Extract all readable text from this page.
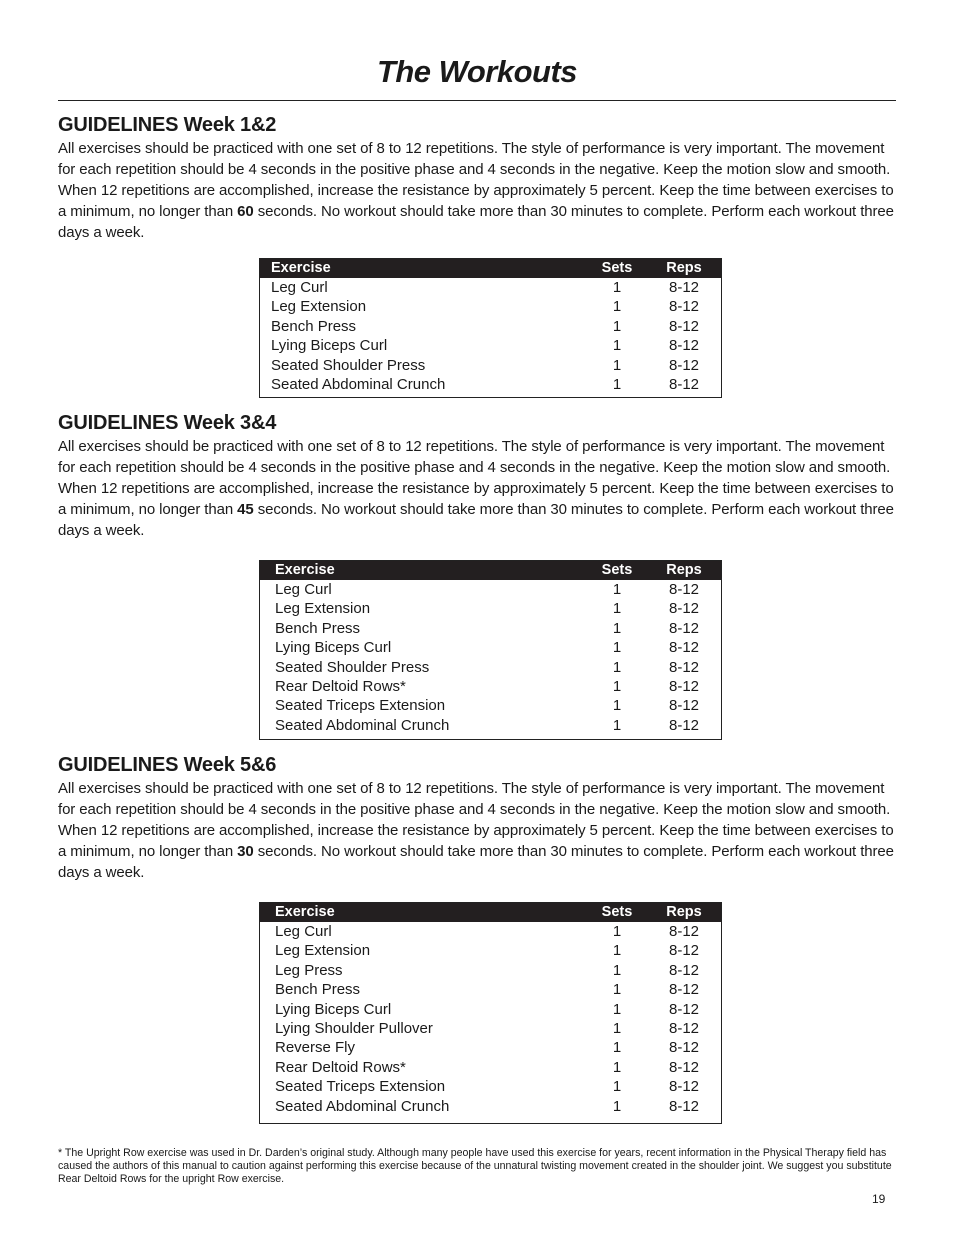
The Workouts
GUIDELINES Week 1&2

All exercises should be practiced with one set of 8 to 12 repetitions. The style of performance is very important. The movement for each repetition should be 4 seconds in the positive phase and 4 seconds in the negative. Keep the motion slow and smooth. When 12 repetitions are accomplished, increase the resistance by approximately 5 percent. Keep the time between exercises to a minimum, no longer than 60 seconds. No workout should take more than 30 minutes to complete. Perform each workout three days a week.

Exercise	Sets	Reps
Leg Curl	1	8-12
Leg Extension	1	8-12
Bench Press	1	8-12
Lying Biceps Curl	1	8-12
Seated Shoulder Press	1	8-12
Seated Abdominal Crunch	1	8-12
GUIDELINES Week 3&4

All exercises should be practiced with one set of 8 to 12 repetitions. The style of performance is very important. The movement for each repetition should be 4 seconds in the positive phase and 4 seconds in the negative. Keep the motion slow and smooth. When 12 repetitions are accomplished, increase the resistance by approximately 5 percent. Keep the time between exercises to a minimum, no longer than 45 seconds. No workout should take more than 30 minutes to complete. Perform each workout three days a week.

Exercise	Sets	Reps
Leg Curl	1	8-12
Leg Extension	1	8-12
Bench Press	1	8-12
Lying Biceps Curl	1	8-12
Seated Shoulder Press	1	8-12
Rear Deltoid Rows*	1	8-12
Seated Triceps Extension	1	8-12
Seated Abdominal Crunch	1	8-12
GUIDELINES Week 5&6

All exercises should be practiced with one set of 8 to 12 repetitions. The style of performance is very important. The movement for each repetition should be 4 seconds in the positive phase and 4 seconds in the negative. Keep the motion slow and smooth. When 12 repetitions are accomplished, increase the resistance by approximately 5 percent. Keep the time between exercises to a minimum, no longer than 30 seconds. No workout should take more than 30 minutes to complete. Perform each workout three days a week.

Exercise	Sets	Reps
Leg Curl	1	8-12
Leg Extension	1	8-12
Leg Press	1	8-12
Bench Press	1	8-12
Lying Biceps Curl	1	8-12
Lying Shoulder Pullover	1	8-12
Reverse Fly	1	8-12
Rear Deltoid Rows*	1	8-12
Seated Triceps Extension	1	8-12
Seated Abdominal Crunch	1	8-12

* The Upright Row exercise was used in Dr. Darden’s original study. Although many people have used this exercise for years, recent information in the Physical Therapy field has caused the authors of this manual to caution against performing this exercise because of the unnatural twisting movement created in the shoulder joint. We suggest you substitute Rear Deltoid Rows for the upright Row exercise.

19
